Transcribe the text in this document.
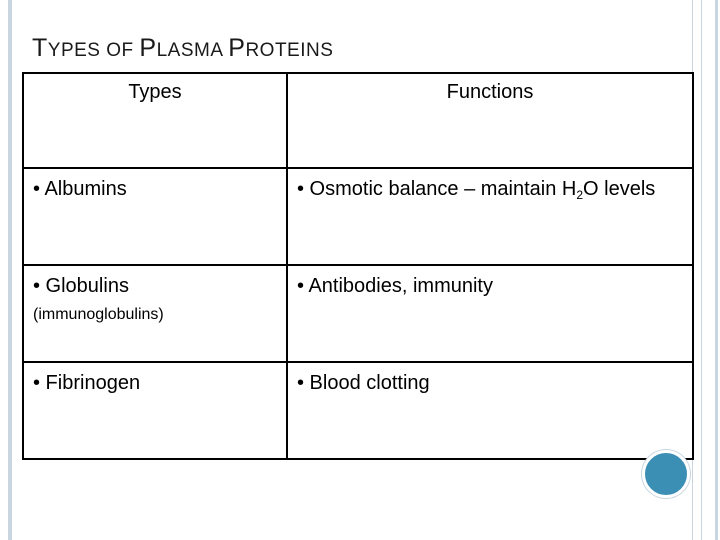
TYPES OF PLASMA PROTEINS
Types	Functions
• Albumins	• Osmotic balance – maintain $H_2O$ levels
• Globulins
(immunoglobulins)	• Antibodies, immunity
• Fibrinogen	• Blood clotting
